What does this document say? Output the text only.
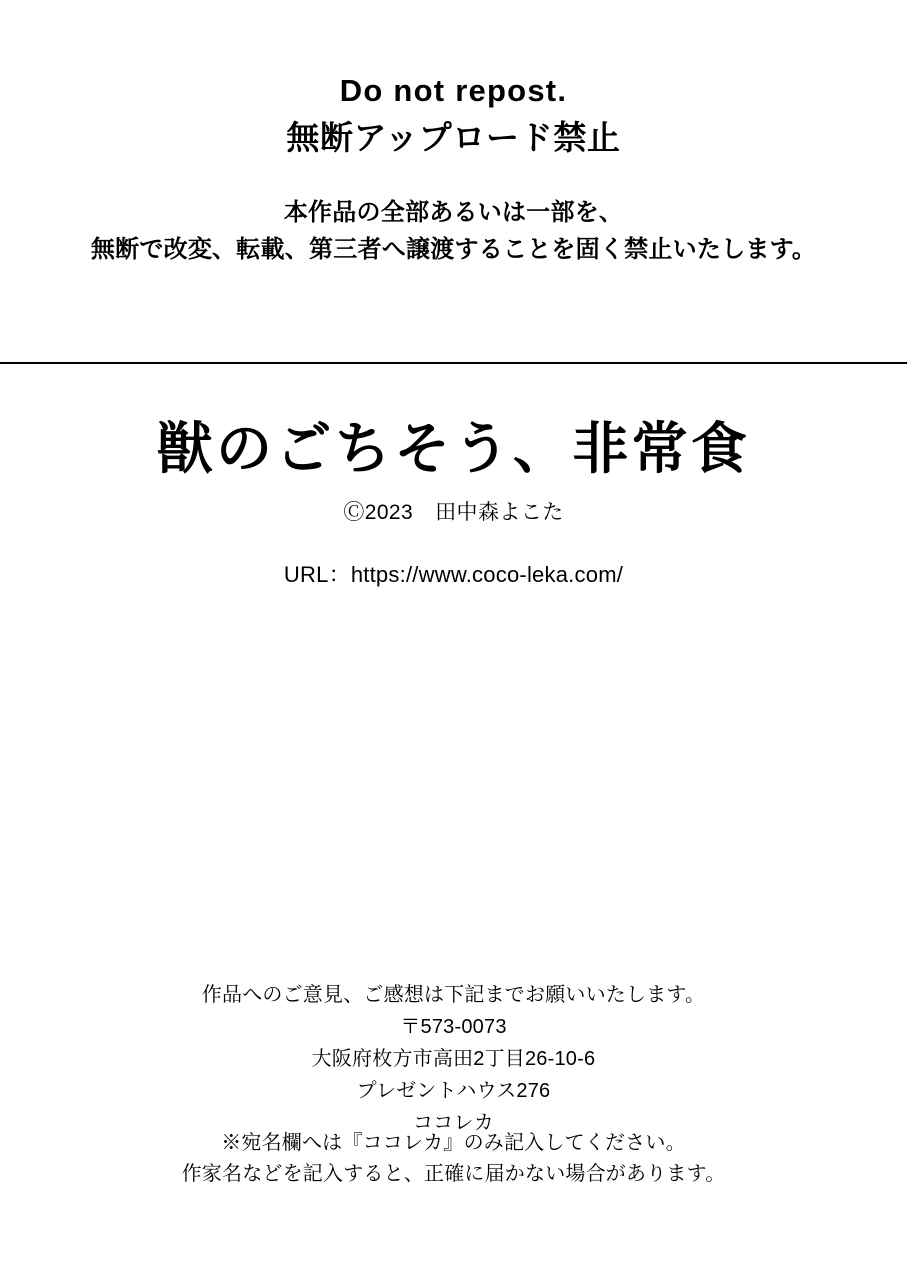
Do not repost.

無断アップロード禁止

本作品の全部あるいは一部を、
無断で改変、転載、第三者へ譲渡することを固く禁止いたします。
獣のごちそう、非常食
Ⓒ2023 田中森よこた
URL：https://www.coco-leka.com/
作品へのご意見、ご感想は下記までお願いいたします。
〒573-0073
大阪府枚方市高田2丁目26-10-6
プレゼントハウス276
ココレカ
※宛名欄へは『ココレカ』のみ記入してください。
作家名などを記入すると、正確に届かない場合があります。
